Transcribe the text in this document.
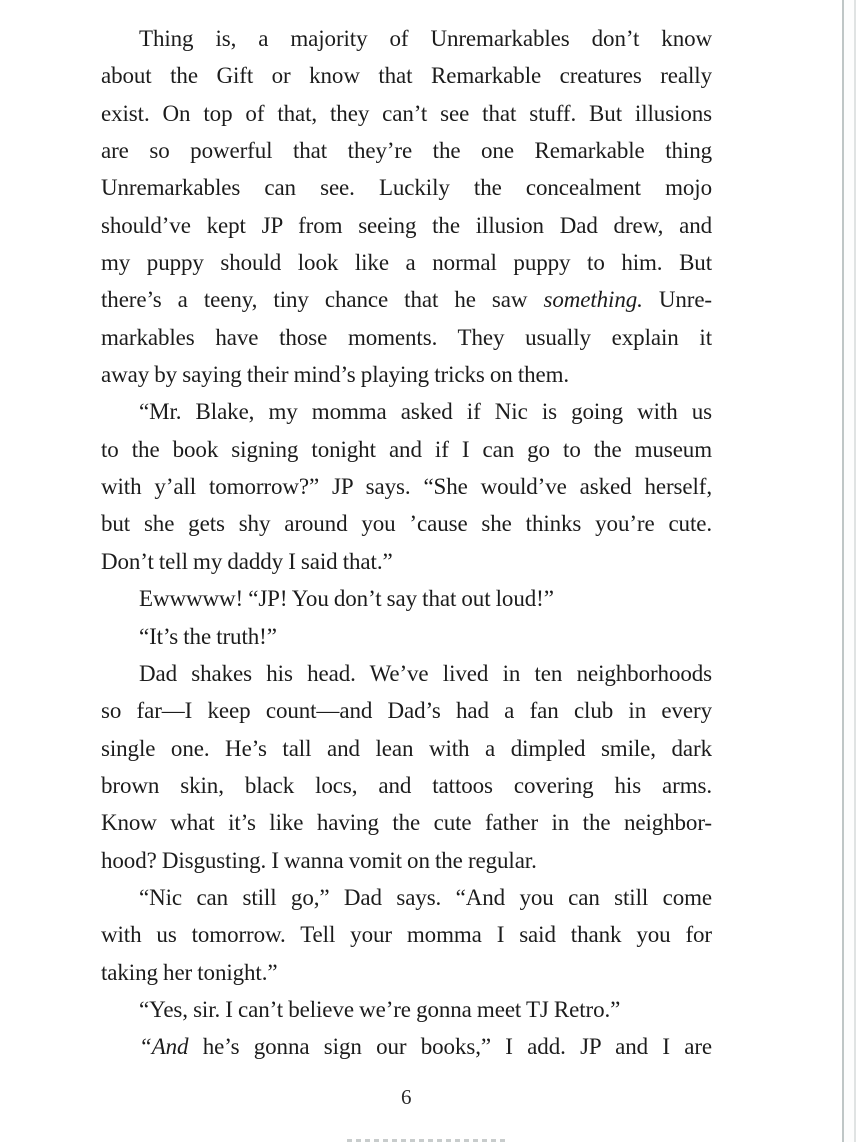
Thing is, a majority of Unremarkables don’t know
about the Gift or know that Remarkable creatures really
exist. On top of that, they can’t see that stuff. But illusions
are so powerful that they’re the one Remarkable thing
Unremarkables can see. Luckily the concealment mojo
should’ve kept JP from seeing the illusion Dad drew, and
my puppy should look like a normal puppy to him. But
there’s a teeny, tiny chance that he saw something. Unre-
markables have those moments. They usually explain it
away by saying their mind’s playing tricks on them.
“Mr. Blake, my momma asked if Nic is going with us
to the book signing tonight and if I can go to the museum
with y’all tomorrow?” JP says. “She would’ve asked herself,
but she gets shy around you ’cause she thinks you’re cute.
Don’t tell my daddy I said that.”
Ewwwww! “JP! You don’t say that out loud!”
“It’s the truth!”
Dad shakes his head. We’ve lived in ten neighborhoods
so far—I keep count—and Dad’s had a fan club in every
single one. He’s tall and lean with a dimpled smile, dark
brown skin, black locs, and tattoos covering his arms.
Know what it’s like having the cute father in the neighbor-
hood? Disgusting. I wanna vomit on the regular.
“Nic can still go,” Dad says. “And you can still come
with us tomorrow. Tell your momma I said thank you for
taking her tonight.”
“Yes, sir. I can’t believe we’re gonna meet TJ Retro.”
“And he’s gonna sign our books,” I add. JP and I are
6
